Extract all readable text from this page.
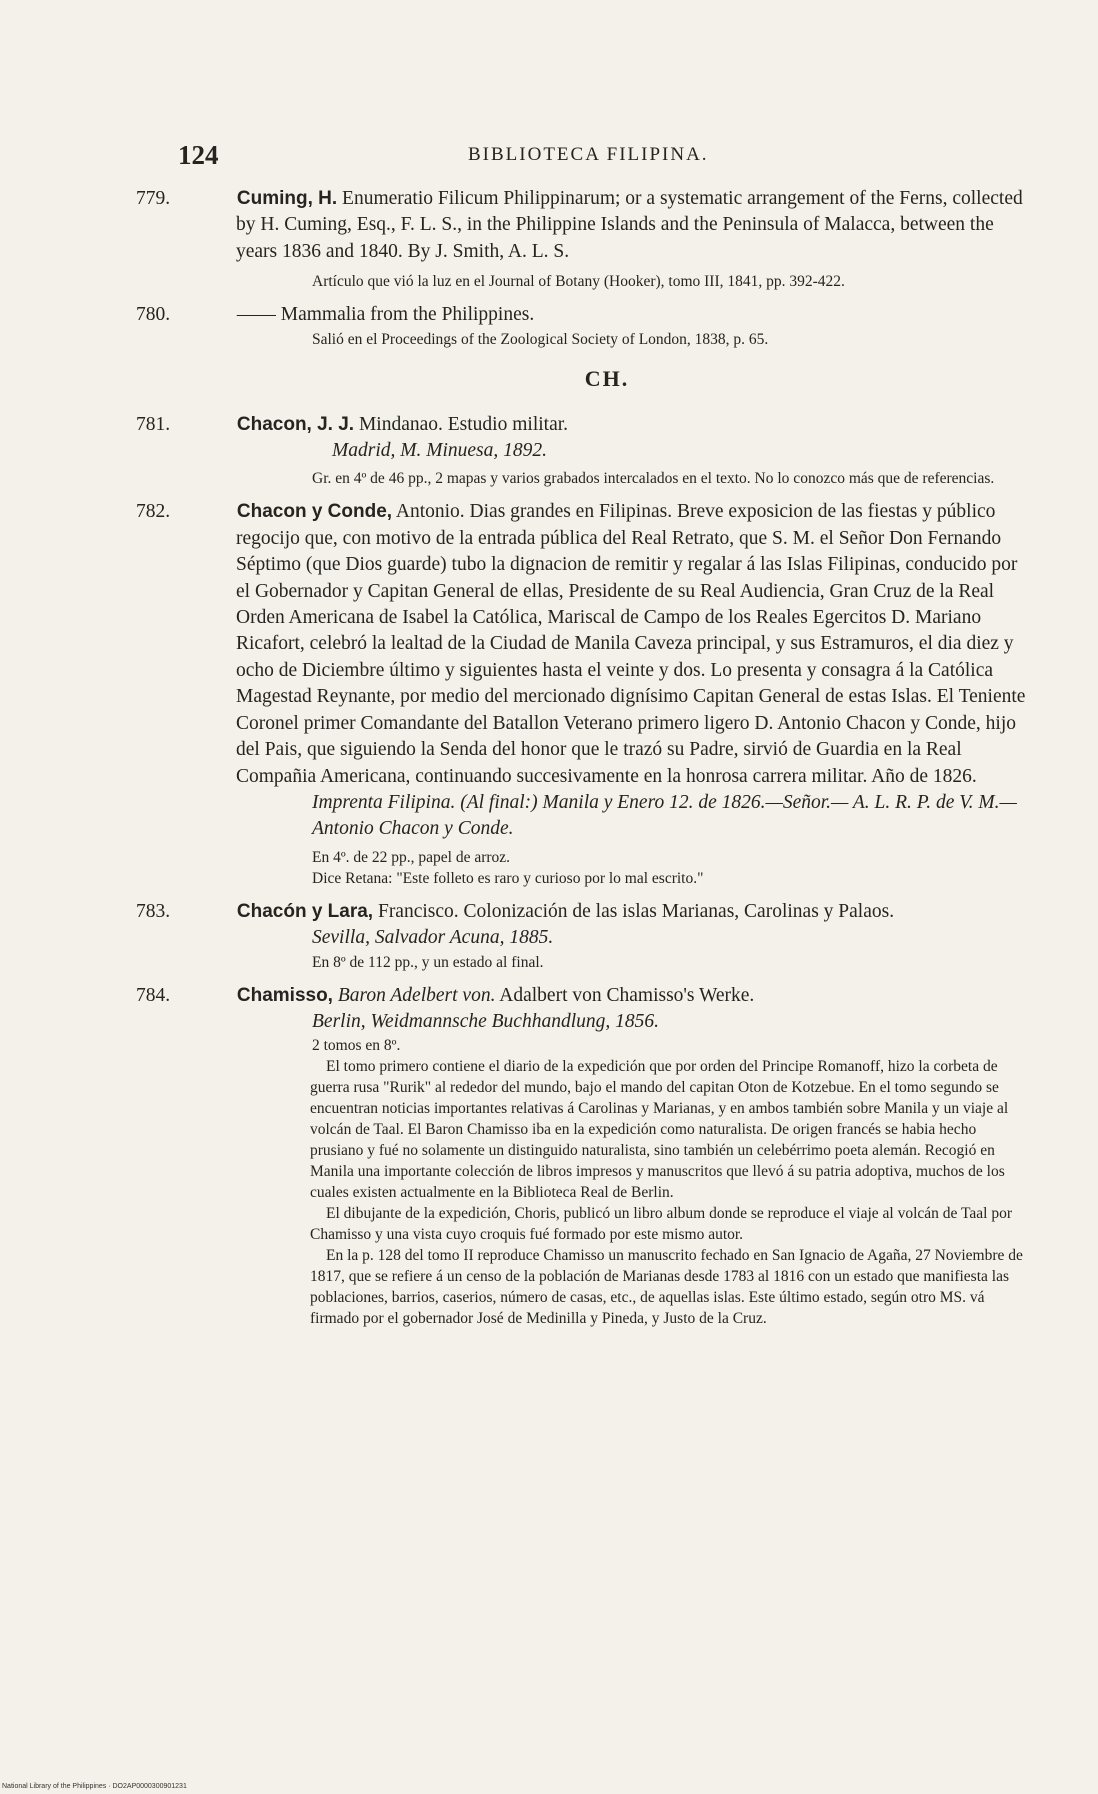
124	BIBLIOTECA FILIPINA.

779.	Cuming, H. Enumeratio Filicum Philippinarum; or a systematic arrangement of the Ferns, collected by H. Cuming, Esq., F. L. S., in the Philippine Islands and the Peninsula of Malacca, between the years 1836 and 1840. By J. Smith, A. L. S.

Artículo que vió la luz en el Journal of Botany (Hooker), tomo III, 1841, pp. 392-422.

780.	—— Mammalia from the Philippines.

Salió en el Proceedings of the Zoological Society of London, 1838, p. 65.

CH.

781.	Chacon, J. J. Mindanao. Estudio militar.

Madrid, M. Minuesa, 1892.

Gr. en 4º de 46 pp., 2 mapas y varios grabados intercalados en el texto. No lo conozco más que de referencias.

782.	Chacon y Conde, Antonio. Dias grandes en Filipinas. Breve exposicion de las fiestas y público regocijo que, con motivo de la entrada pública del Real Retrato, que S. M. el Señor Don Fernando Séptimo (que Dios guarde) tubo la dignacion de remitir y regalar á las Islas Filipinas, conducido por el Gobernador y Capitan General de ellas, Presidente de su Real Audiencia, Gran Cruz de la Real Orden Americana de Isabel la Católica, Mariscal de Campo de los Reales Egercitos D. Mariano Ricafort, celebró la lealtad de la Ciudad de Manila Caveza principal, y sus Estramuros, el dia diez y ocho de Diciembre último y siguientes hasta el veinte y dos. Lo presenta y consagra á la Católica Magestad Reynante, por medio del mercionado dignísimo Capitan General de estas Islas. El Teniente Coronel primer Comandante del Batallon Veterano primero ligero D. Antonio Chacon y Conde, hijo del Pais, que siguiendo la Senda del honor que le trazó su Padre, sirvió de Guardia en la Real Compañia Americana, continuando succesivamente en la honrosa carrera militar. Año de 1826.

Imprenta Filipina. (Al final:) Manila y Enero 12. de 1826.—Señor.— A. L. R. P. de V. M.—Antonio Chacon y Conde.

En 4º. de 22 pp., papel de arroz.

Dice Retana: "Este folleto es raro y curioso por lo mal escrito."

783.	Chacón y Lara, Francisco. Colonización de las islas Marianas, Carolinas y Palaos.

Sevilla, Salvador Acuna, 1885.

En 8º de 112 pp., y un estado al final.

784.	Chamisso, Baron Adelbert von. Adalbert von Chamisso's Werke.

Berlin, Weidmannsche Buchhandlung, 1856.

2 tomos en 8º.

El tomo primero contiene el diario de la expedición que por orden del Principe Romanoff, hizo la corbeta de guerra rusa "Rurik" al rededor del mundo, bajo el mando del capitan Oton de Kotzebue. En el tomo segundo se encuentran noticias importantes relativas á Carolinas y Marianas, y en ambos también sobre Manila y un viaje al volcán de Taal. El Baron Chamisso iba en la expedición como naturalista. De origen francés se habia hecho prusiano y fué no solamente un distinguido naturalista, sino también un celebérrimo poeta alemán. Recogió en Manila una importante colección de libros impresos y manuscritos que llevó á su patria adoptiva, muchos de los cuales existen actualmente en la Biblioteca Real de Berlin.

El dibujante de la expedición, Choris, publicó un libro album donde se reproduce el viaje al volcán de Taal por Chamisso y una vista cuyo croquis fué formado por este mismo autor.

En la p. 128 del tomo II reproduce Chamisso un manuscrito fechado en San Ignacio de Agaña, 27 Noviembre de 1817, que se refiere á un censo de la población de Marianas desde 1783 al 1816 con un estado que manifiesta las poblaciones, barrios, caserios, número de casas, etc., de aquellas islas. Este último estado, según otro MS. vá firmado por el gobernador José de Medinilla y Pineda, y Justo de la Cruz.

National Library of the Philippines · DO2AP0000300901231
